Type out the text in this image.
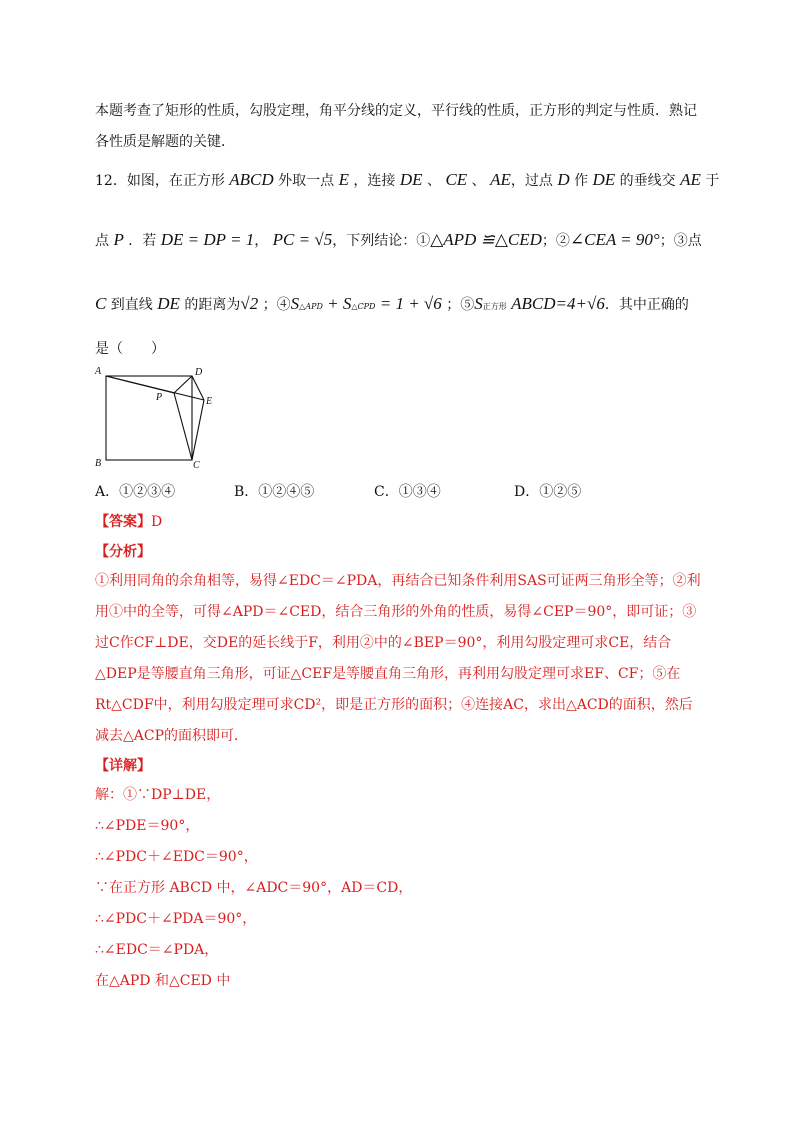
本题考查了矩形的性质，勾股定理，角平分线的定义，平行线的性质，正方形的判定与性质．熟记
各性质是解题的关键．
12．如图，在正方形 ABCD 外取一点 E ，连接 DE 、 CE 、 AE，过点 D 作 DE 的垂线交 AE 于
点 P ．若 DE = DP = 1， PC = √5，下列结论：①△APD ≌△CED；②∠CEA = 90°；③点
C 到直线 DE 的距离为√2 ；④S△APD + S△CPD = 1 + √6 ；⑤S正方形 ABCD=4+√6．其中正确的
是（　　）
A	D
P	E
B	C
A．①②③④	B．①②④⑤	C．①③④	D．①②⑤
【答案】D
【分析】
①利用同角的余角相等，易得∠EDC＝∠PDA，再结合已知条件利用SAS可证两三角形全等；②利
用①中的全等，可得∠APD＝∠CED，结合三角形的外角的性质，易得∠CEP＝90°，即可证；③
过C作CF⊥DE，交DE的延长线于F，利用②中的∠BEP＝90°，利用勾股定理可求CE，结合
△DEP是等腰直角三角形，可证△CEF是等腰直角三角形，再利用勾股定理可求EF、CF；⑤在
Rt△CDF中，利用勾股定理可求CD²，即是正方形的面积；④连接AC，求出△ACD的面积，然后
减去△ACP的面积即可．
【详解】
解：①∵DP⊥DE，
∴∠PDE＝90°，
∴∠PDC＋∠EDC＝90°，
∵在正方形 ABCD 中，∠ADC＝90°，AD＝CD，
∴∠PDC＋∠PDA＝90°，
∴∠EDC＝∠PDA，
在△APD 和△CED 中
